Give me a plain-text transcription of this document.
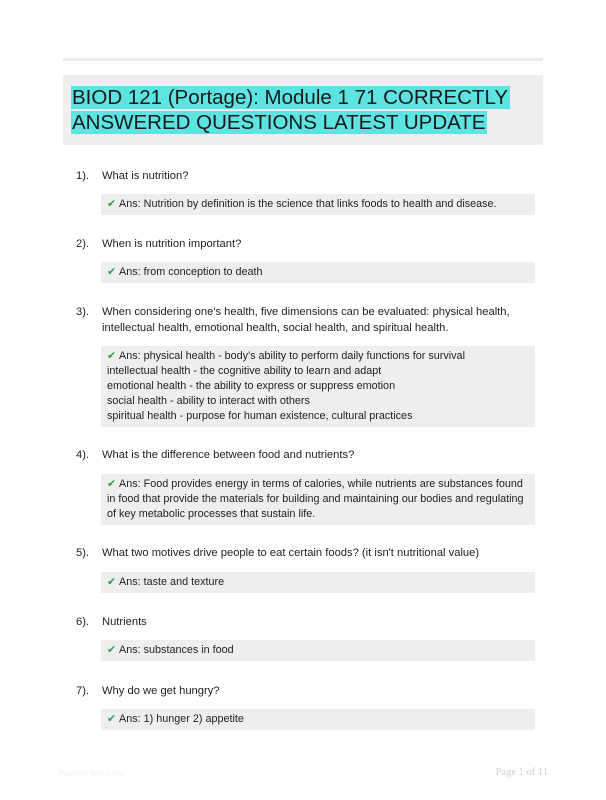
BIOD 121 (Portage): Module 1 71 CORRECTLY ANSWERED QUESTIONS LATEST UPDATE
1). What is nutrition?
✔ Ans: Nutrition by definition is the science that links foods to health and disease.
2). When is nutrition important?
✔ Ans: from conception to death
3). When considering one's health, five dimensions can be evaluated: physical health, intellectual health, emotional health, social health, and spiritual health.
✔ Ans: physical health - body's ability to perform daily functions for survival
intellectual health - the cognitive ability to learn and adapt
emotional health - the ability to express or suppress emotion
social health - ability to interact with others
spiritual health - purpose for human existence, cultural practices
4). What is the difference between food and nutrients?
✔ Ans: Food provides energy in terms of calories, while nutrients are substances found in food that provide the materials for building and maintaining our bodies and regulating of key metabolic processes that sustain life.
5). What two motives drive people to eat certain foods? (it isn't nutritional value)
✔ Ans: taste and texture
6). Nutrients
✔ Ans: substances in food
7). Why do we get hungry?
✔ Ans: 1) hunger 2) appetite
Papertrible.com	Page 1 of 11
